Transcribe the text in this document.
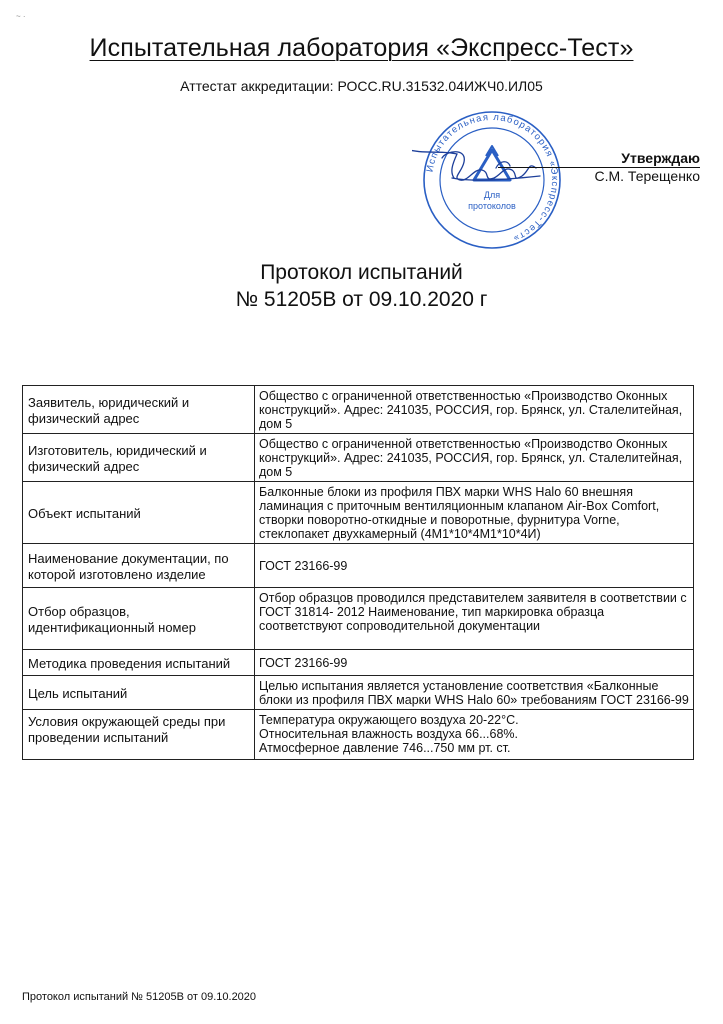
~ ·
Испытательная лаборатория «Экспресс-Тест»
Аттестат аккредитации: РОСС.RU.31532.04ИЖЧ0.ИЛ05
Испытательная лаборатория «Экспресс-Тест»
Для
протоколов
Утверждаю
С.М. Терещенко
Протокол испытаний
№ 51205В от 09.10.2020 г
Заявитель, юридический и физический адрес	Общество с ограниченной ответственностью «Производство Оконных конструкций». Адрес: 241035, РОССИЯ, гор. Брянск, ул. Сталелитейная, дом 5
Изготовитель, юридический и физический адрес	Общество с ограниченной ответственностью «Производство Оконных конструкций». Адрес: 241035, РОССИЯ, гор. Брянск, ул. Сталелитейная, дом 5
Объект испытаний	Балконные блоки из профиля ПВХ марки WHS Halo 60 внешняя ламинация с приточным вентиляционным клапаном Air-Box Comfort, створки поворотно-откидные и поворотные, фурнитура Vorne, стеклопакет двухкамерный (4М1*10*4М1*10*4И)
Наименование документации, по которой изготовлено изделие	ГОСТ 23166-99
Отбор образцов, идентификационный номер	Отбор образцов проводился представителем заявителя в соответствии с ГОСТ 31814- 2012 Наименование, тип маркировка образца соответствуют сопроводительной документации
Методика проведения испытаний	ГОСТ 23166-99
Цель испытаний	Целью испытания является установление соответствия «Балконные блоки из профиля ПВХ марки WHS Halo 60» требованиям ГОСТ 23166-99
Условия окружающей среды при проведении испытаний	Температура окружающего воздуха 20-22°С.
Относительная влажность воздуха 66...68%.
Атмосферное давление 746...750 мм рт. ст.
Протокол испытаний № 51205В от 09.10.2020
